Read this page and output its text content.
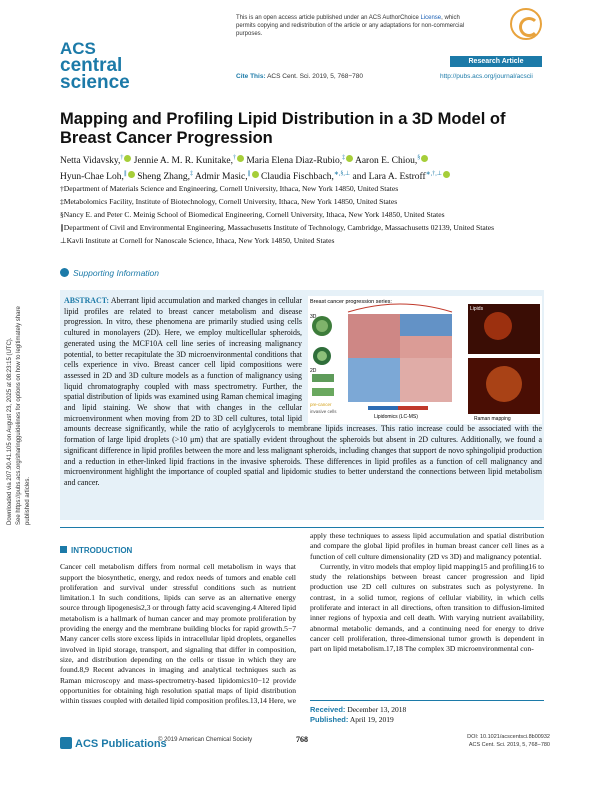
Downloaded via 207.90.41.105 on August 23, 2025 at 08:23:15 (UTC). See https://pubs.acs.org/sharingguidelines for options on how to legitimately share published articles.
This is an open access article published under an ACS AuthorChoice License, which permits copying and redistribution of the article or any adaptations for non-commercial purposes.
ACS
central
science
Research Article
Cite This: ACS Cent. Sci. 2019, 5, 768−780	http://pubs.acs.org/journal/acscii
Mapping and Profiling Lipid Distribution in a 3D Model of Breast Cancer Progression
Netta Vidavsky,† Jennie A. M. R. Kunitake,† Maria Elena Diaz-Rubio,‡ Aaron E. Chiou,§
Hyun-Chae Loh,∥ Sheng Zhang,‡ Admir Masic,∥ Claudia Fischbach,∗,§,⊥ and Lara A. Estroff∗,†,⊥

†Department of Materials Science and Engineering, Cornell University, Ithaca, New York 14850, United States

‡Metabolomics Facility, Institute of Biotechnology, Cornell University, Ithaca, New York 14850, United States

§Nancy E. and Peter C. Meinig School of Biomedical Engineering, Cornell University, Ithaca, New York 14850, United States

∥Department of Civil and Environmental Engineering, Massachusetts Institute of Technology, Cambridge, Massachusetts 02139, United States

⊥Kavli Institute at Cornell for Nanoscale Science, Ithaca, New York 14850, United States

Supporting Information
Breast cancer progression series:
3D
2D
pre-cancer
invasive cells
Lipidomics (LC-MS)
Lipids
Raman mapping
ABSTRACT: Aberrant lipid accumulation and marked changes in cellular lipid profiles are related to breast cancer metabolism and disease progression. In vitro, these phenomena are primarily studied using cells cultured in monolayers (2D). Here, we employ multicellular spheroids, generated using the MCF10A cell line series of increasing malignancy potential, to better recapitulate the 3D microenvironmental conditions that cells experience in vivo. Breast cancer cell lipid compositions were assessed in 2D and 3D culture models as a function of malignancy using liquid chromatography coupled with mass spectrometry. Further, the spatial distribution of lipids was examined using Raman chemical imaging and lipid staining. We show that with changes in the cellular microenvironment when moving from 2D to 3D cell cultures, total lipid amounts decrease significantly, while the ratio of acylglycerols to membrane lipids increases. This ratio increase could be associated with the formation of large lipid droplets (>10 μm) that are spatially evident throughout the spheroids but absent in 2D cultures. Additionally, we found a significant difference in lipid profiles between the more and less malignant spheroids, including changes that support de novo sphingolipid production and a reduction in ether-linked lipid fractions in the invasive spheroids. These differences in lipid profiles as a function of cell malignancy and microenvironment highlight the importance of coupled spatial and lipidomic studies to better understand the connections between lipid metabolism and cancer.
INTRODUCTION

Cancer cell metabolism differs from normal cell metabolism in ways that support the biosynthetic, energy, and redox needs of tumors and enable cell proliferation and survival under stressful conditions such as nutrient limitation.1 In such conditions, lipids can serve as an alternative energy source through lipogenesis2,3 or through fatty acid scavenging.4 Altered lipid metabolism is a hallmark of human cancer and may promote proliferation by providing the energy and the membrane building blocks for rapid growth.5−7 Many cancer cells store excess lipids in intracellular lipid droplets, organelles involved in lipid storage, transport, and signaling that differ in composition, size, and distribution depending on the cells or tissue in which they are found.8,9 Recent advances in imaging and analytical techniques such as Raman microscopy and mass-spectrometry-based lipidomics10−12 provide opportunities for obtaining high resolution spatial maps of lipid distribution within tissues coupled with detailed lipid composition profiles.13,14 Here, we

apply these techniques to assess lipid accumulation and spatial distribution and compare the global lipid profiles in human breast cancer cell lines as a function of cell culture dimensionality (2D vs 3D) and malignancy potential.

Currently, in vitro models that employ lipid mapping15 and profiling16 to study the relationships between breast cancer progression and lipid production use 2D cell cultures on substrates such as polystyrene. In contrast, in a solid tumor, regions of cellular viability, in which cells proliferate and interact in all directions, often transition to diffusion-limited inner regions of hypoxia and cell death. With varying nutrient availability, abnormal metabolic demands, and a continuing need for energy to drive cancer cell proliferation, three-dimensional tumor growth is dependent in part on lipid metabolism.17,18 The complex 3D microenvironmental con-

Received: December 13, 2018
Published: April 19, 2019
ACS Publications
© 2019 American Chemical Society	768	DOI: 10.1021/acscentsci.8b00932
ACS Cent. Sci. 2019, 5, 768−780
